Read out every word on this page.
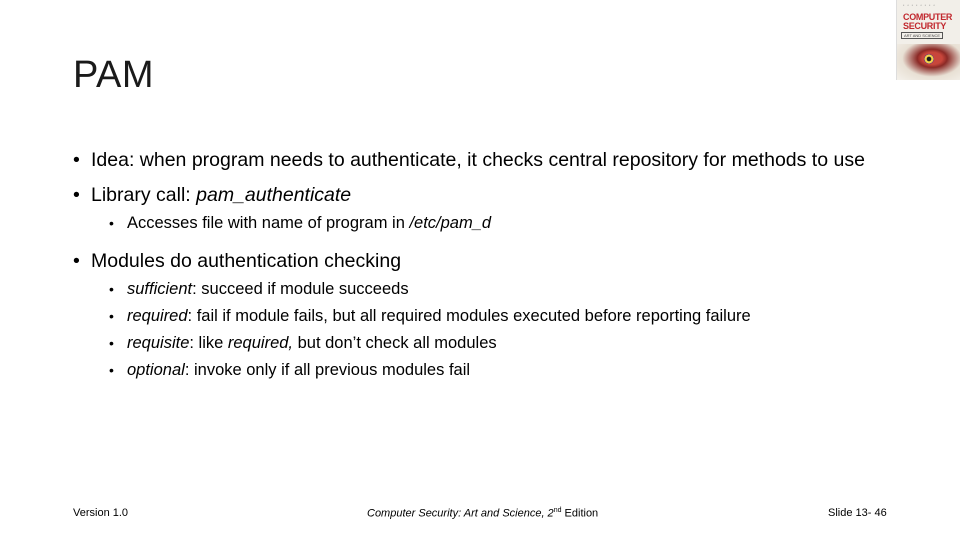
PAM
* * * * * * * *
COMPUTER
SECURITY
ART AND SCIENCE
• Idea: when program needs to authenticate, it checks central repository for methods to use
• Library call: pam_authenticate
• Accesses file with name of program in /etc/pam_d
• Modules do authentication checking
• sufficient: succeed if module succeeds
• required: fail if module fails, but all required modules executed before reporting failure
• requisite: like required, but don’t check all modules
• optional: invoke only if all previous modules fail
Version 1.0	Computer Security: Art and Science, 2nd Edition	Slide 13- 46
